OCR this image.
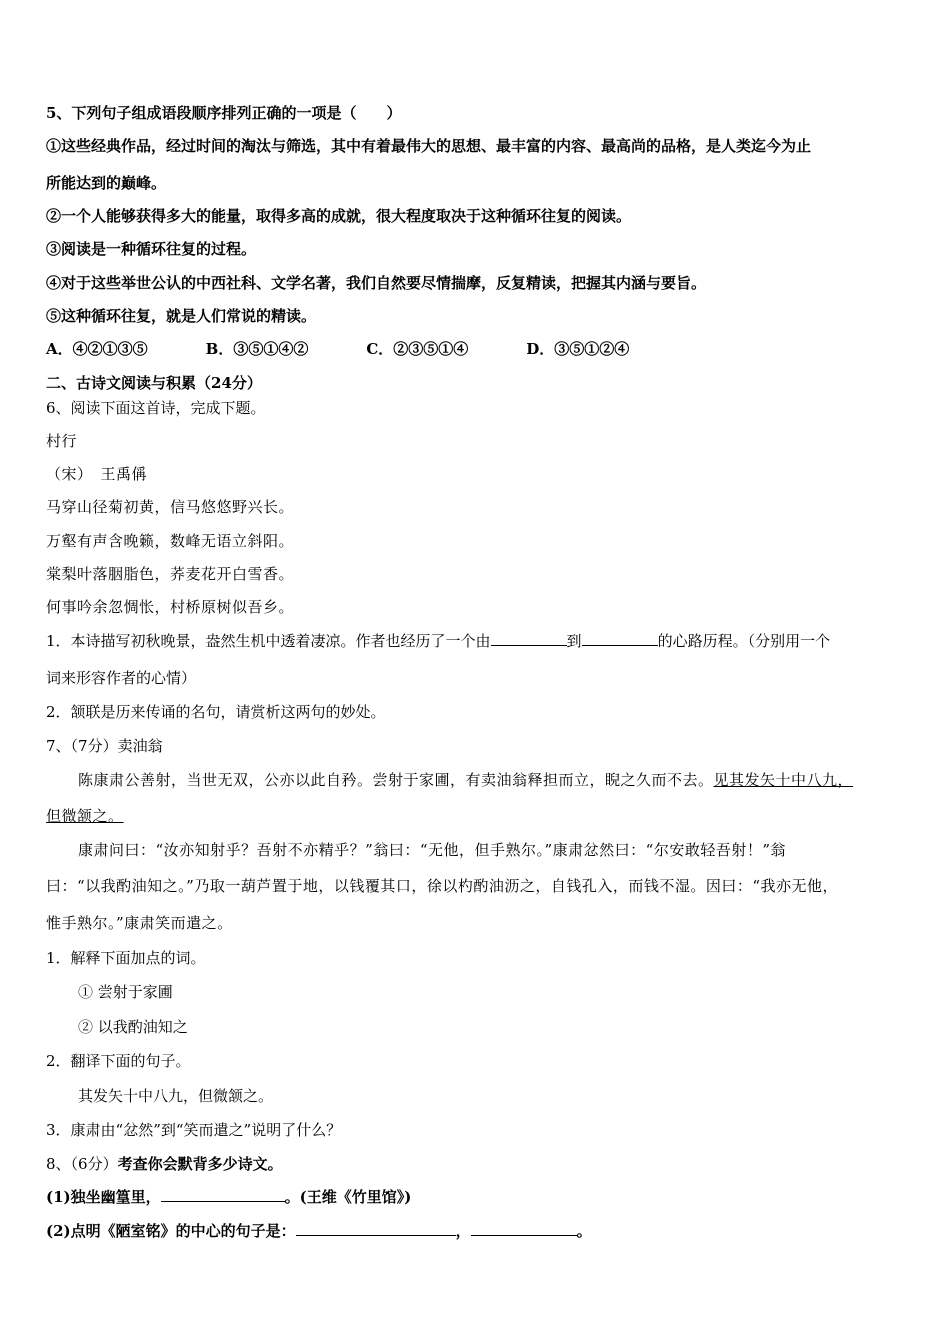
5、下列句子组成语段顺序排列正确的一项是（　　）
①这些经典作品，经过时间的淘汰与筛选，其中有着最伟大的思想、最丰富的内容、最高尚的品格，是人类迄今为止
所能达到的巅峰。
②一个人能够获得多大的能量，取得多高的成就，很大程度取决于这种循环往复的阅读。
③阅读是一种循环往复的过程。
④对于这些举世公认的中西社科、文学名著，我们自然要尽情揣摩，反复精读，把握其内涵与要旨。
⑤这种循环往复，就是人们常说的精读。
A．④②①③⑤	B．③⑤①④②	C．②③⑤①④	D．③⑤①②④
二、古诗文阅读与积累（24分）
6、阅读下面这首诗，完成下题。
村行
（宋）　王禹偁
马穿山径菊初黄，信马悠悠野兴长。
万壑有声含晚籁，数峰无语立斜阳。
棠梨叶落胭脂色，荞麦花开白雪香。
何事吟余忽惆怅，村桥原树似吾乡。
1．本诗描写初秋晚景，盎然生机中透着凄凉。作者也经历了一个由	到	的心路历程。（分别用一个
词来形容作者的心情）
2．颔联是历来传诵的名句，请赏析这两句的妙处。
7、（7分）卖油翁
陈康肃公善射，当世无双，公亦以此自矜。尝射于家圃，有卖油翁释担而立，睨之久而不去。见其发矢十中八九，
但微颔之。
康肃问曰：“汝亦知射乎？吾射不亦精乎？”翁曰：“无他，但手熟尔。”康肃忿然曰：“尔安敢轻吾射！”翁
曰：“以我酌油知之。”乃取一葫芦置于地，以钱覆其口，徐以杓酌油沥之，自钱孔入，而钱不湿。因曰：“我亦无他，
惟手熟尔。”康肃笑而遣之。
1．解释下面加点的词。
① 尝射于家圃
② 以我酌油知之
2．翻译下面的句子。
其发矢十中八九，但微颔之。
3．康肃由“忿然”到“笑而遣之”说明了什么？
8、（6分）考查你会默背多少诗文。
(1)独坐幽篁里，	。(王维《竹里馆》)
(2)点明《陋室铭》的中心的句子是：	，	。
